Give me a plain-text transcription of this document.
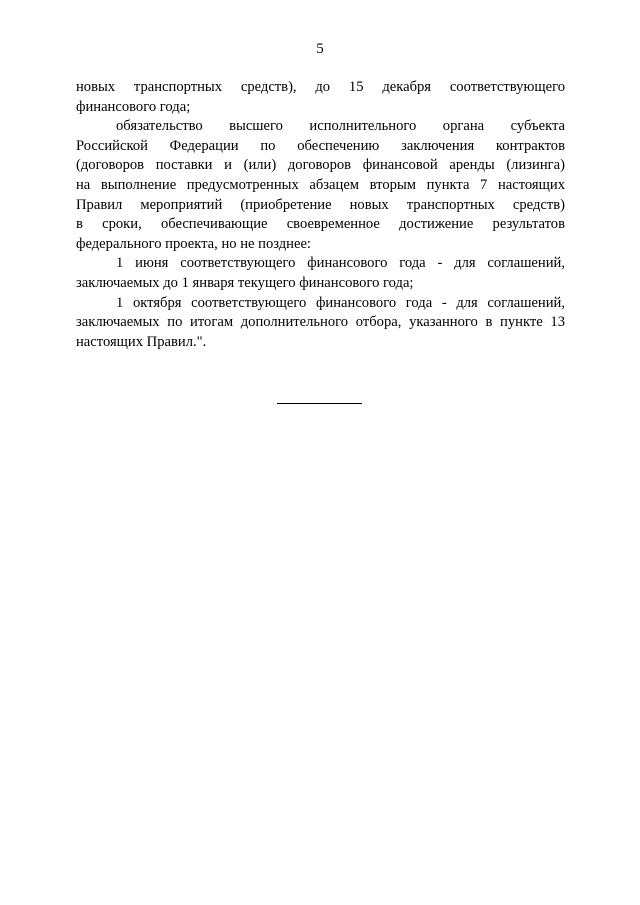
5

новых транспортных средств), до 15 декабря соответствующего
финансового года;

обязательство высшего исполнительного органа субъекта
Российской Федерации по обеспечению заключения контрактов
(договоров поставки и (или) договоров финансовой аренды (лизинга)
на выполнение предусмотренных абзацем вторым пункта 7 настоящих
Правил мероприятий (приобретение новых транспортных средств)
в сроки, обеспечивающие своевременное достижение результатов
федерального проекта, но не позднее:

1 июня соответствующего финансового года - для соглашений,
заключаемых до 1 января текущего финансового года;

1 октября соответствующего финансового года - для соглашений,
заключаемых по итогам дополнительного отбора, указанного в пункте 13
настоящих Правил.".
